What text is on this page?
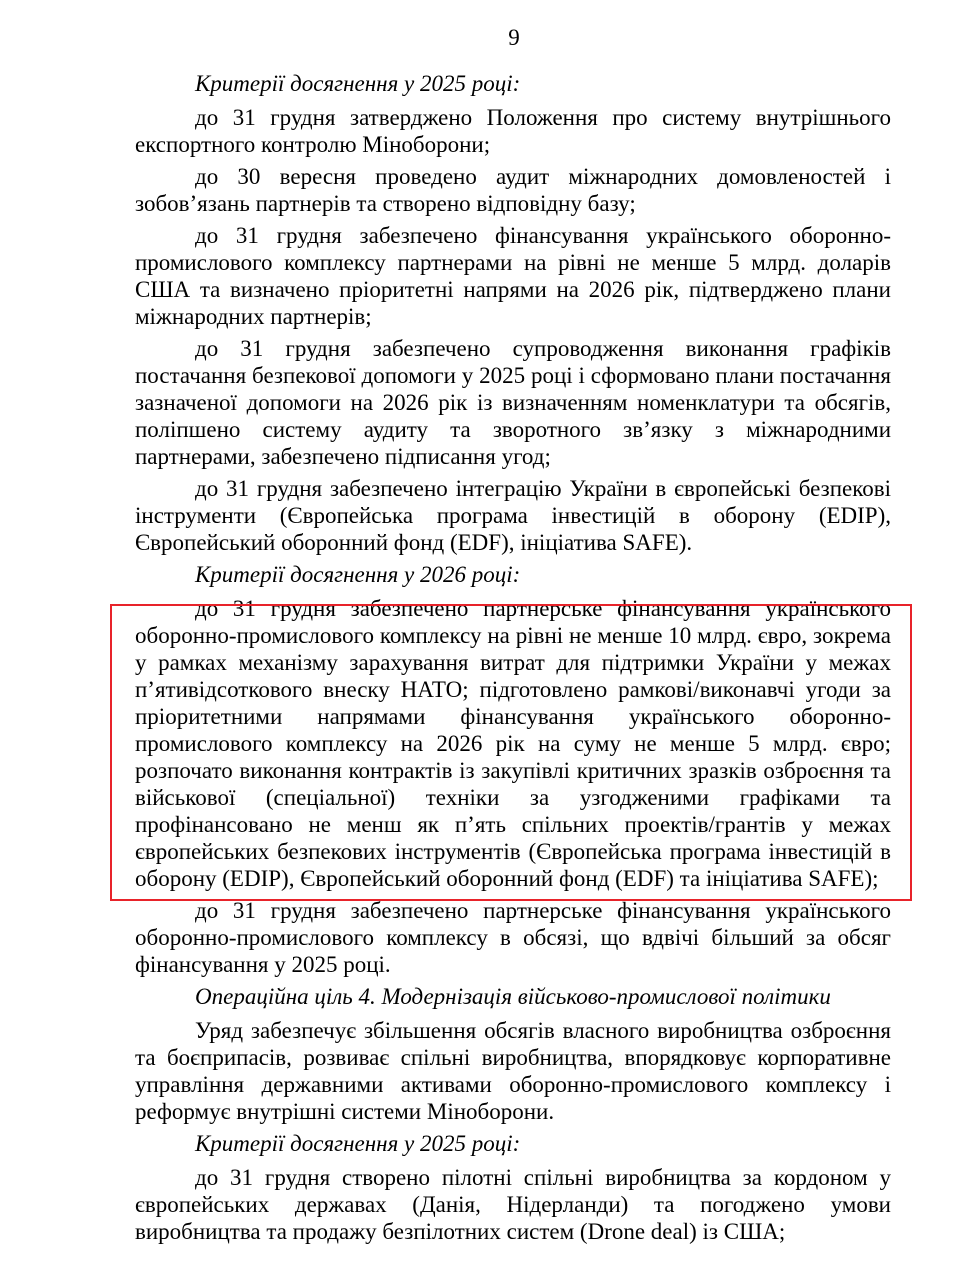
9

Критерії досягнення у 2025 році:

до 31 грудня затверджено Положення про систему внутрішнього експортного контролю Міноборони;

до 30 вересня проведено аудит міжнародних домовленостей і зобов’язань партнерів та створено відповідну базу;

до 31 грудня забезпечено фінансування українського оборонно-промислового комплексу партнерами на рівні не менше 5 млрд. доларів США та визначено пріоритетні напрями на 2026 рік, підтверджено плани міжнародних партнерів;

до 31 грудня забезпечено супроводження виконання графіків постачання безпекової допомоги у 2025 році і сформовано плани постачання зазначеної допомоги на 2026 рік із визначенням номенклатури та обсягів, поліпшено систему аудиту та зворотного зв’язку з міжнародними партнерами, забезпечено підписання угод;

до 31 грудня забезпечено інтеграцію України в європейські безпекові інструменти (Європейська програма інвестицій в оборону (EDIP), Європейський оборонний фонд (EDF), ініціатива SAFE).

Критерії досягнення у 2026 році:

до 31 грудня забезпечено партнерське фінансування українського оборонно-промислового комплексу на рівні не менше 10 млрд. євро, зокрема у рамках механізму зарахування витрат для підтримки України у межах п’ятивідсоткового внеску НАТО; підготовлено рамкові/виконавчі угоди за пріоритетними напрямами фінансування українського оборонно-промислового комплексу на 2026 рік на суму не менше 5 млрд. євро; розпочато виконання контрактів із закупівлі критичних зразків озброєння та військової (спеціальної) техніки за узгодженими графіками та профінансовано не менш як п’ять спільних проектів/грантів у межах європейських безпекових інструментів (Європейська програма інвестицій в оборону (EDIP), Європейський оборонний фонд (EDF) та ініціатива SAFE);

до 31 грудня забезпечено партнерське фінансування українського оборонно-промислового комплексу в обсязі, що вдвічі більший за обсяг фінансування у 2025 році.

Операційна ціль 4. Модернізація військово-промислової політики

Уряд забезпечує збільшення обсягів власного виробництва озброєння та боєприпасів, розвиває спільні виробництва, впорядковує корпоративне управління державними активами оборонно-промислового комплексу і реформує внутрішні системи Міноборони.

Критерії досягнення у 2025 році:

до 31 грудня створено пілотні спільні виробництва за кордоном у європейських державах (Данія, Нідерланди) та погоджено умови виробництва та продажу безпілотних систем (Drone deal) із США;
